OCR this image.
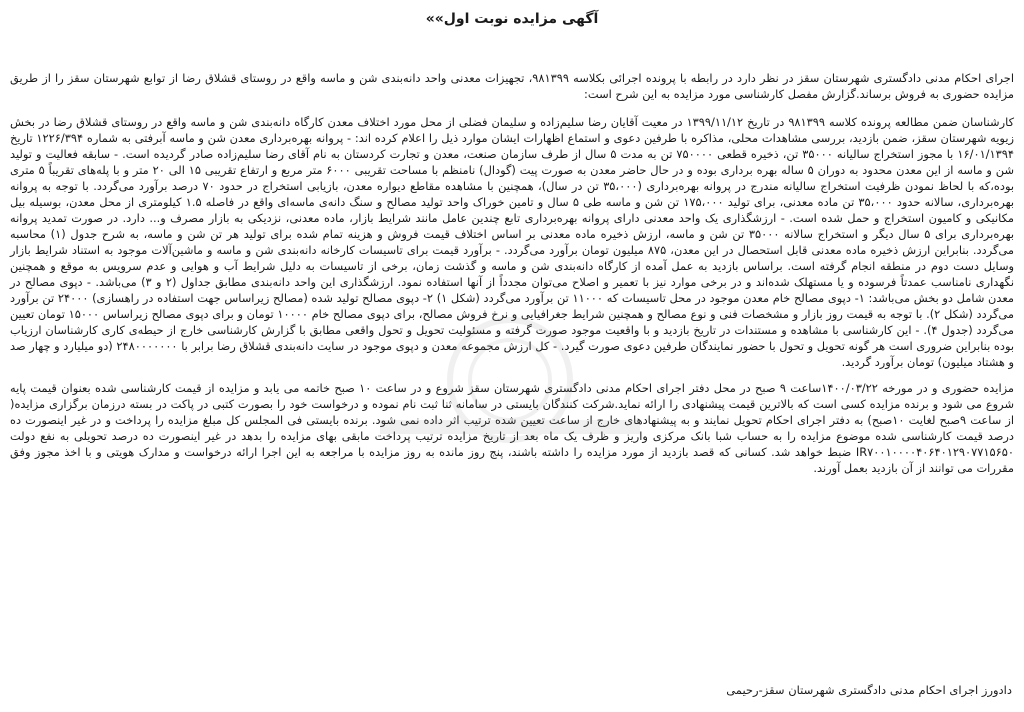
آگهی مزایده نوبت اول»»

اجرای احکام مدنی دادگستری شهرستان سقز در نظر دارد در رابطه با پرونده اجرائی بکلاسه ۹۸۱۳۹۹، تجهیزات معدنی واحد دانه‌بندی شن و ماسه واقع در روستای قشلاق رضا از توابع شهرستان سقز را از طریق مزایده حضوری به فروش برساند.گزارش مفصل کارشناسی مورد مزایده به این شرح است:

کارشناسان ضمن مطالعه پرونده کلاسه ۹۸۱۳۹۹ در تاریخ ۱۳۹۹/۱۱/۱۲ در معیت آقایان رضا سلیم‌زاده و سلیمان فضلی از محل مورد اختلاف معدن کارگاه دانه‌بندی شن و ماسه واقع در روستای قشلاق رضا در بخش زیویه شهرستان سقز، ضمن بازدید، بررسی مشاهدات محلی، مذاکره با طرفین دعوی و استماع اظهارات ایشان موارد ذیل را اعلام کرده اند: - پروانه بهره‌برداری معدن شن و ماسه آبرفتی به شماره ۱۲۲۶/۳۹۴ تاریخ ۱۶/۰۱/۱۳۹۴ با مجوز استخراج سالیانه ۳۵۰۰۰ تن، ذخیره قطعی ۷۵۰۰۰۰ تن به مدت ۵ سال از طرف سازمان صنعت، معدن و تجارت کردستان به نام آقای رضا سلیم‌زاده صادر گردیده است. - سابقه فعالیت و تولید شن و ماسه از این معدن محدود به دوران ۵ ساله بهره برداری بوده و در حال حاضر معدن به صورت پیت (گودال) نامنظم با مساحت تقریبی ۶۰۰۰ متر مربع و ارتفاع تقریبی ۱۵ الی ۲۰ متر و با پله‌های تقریباً ۵ متری بوده،که با لحاظ نمودن ظرفیت استخراج سالیانه مندرج در پروانه بهره‌برداری (۳۵،۰۰۰ تن در سال)، همچنین با مشاهده مقاطع دیواره معدن، بازیابی استخراج در حدود ۷۰ درصد برآورد می‌گردد. با توجه به پروانه بهره‌برداری، سالانه حدود ۳۵،۰۰۰ تن ماده معدنی، برای تولید ۱۷۵،۰۰۰ تن شن و ماسه طی ۵ سال و تامین خوراک واحد تولید مصالح و سنگ دانه‌ی ماسه‌ای واقع در فاصله ۱.۵ کیلومتری از محل معدن، بوسیله بیل مکانیکی و کامیون استخراج و حمل شده است. - ارزشگذاری یک واحد معدنی دارای پروانه بهره‌برداری تابع چندین عامل مانند شرایط بازار، ماده معدنی، نزدیکی به بازار مصرف و... دارد. در صورت تمدید پروانه بهره‌برداری برای ۵ سال دیگر و استخراج سالانه ۳۵۰۰۰ تن شن و ماسه، ارزش ذخیره ماده معدنی بر اساس اختلاف قیمت فروش و هزینه تمام شده برای تولید هر تن شن و ماسه، به شرح جدول (۱) محاسبه می‌گردد. بنابراین ارزش ذخیره ماده معدنی قابل استحصال در این معدن، ۸۷۵ میلیون تومان برآورد می‌گردد. - برآورد قیمت برای تاسیسات کارخانه دانه‌بندی شن و ماسه و ماشین‌آلات موجود به استناد شرایط بازار وسایل دست دوم در منطقه انجام گرفته است. براساس بازدید به عمل آمده از کارگاه دانه‌بندی شن و ماسه و گذشت زمان، برخی از تاسیسات به دلیل شرایط آب و هوایی و عدم سرویس به موقع و همچنین نگهداری نامناسب عمدتاً فرسوده و یا مستهلک شده‌اند و در برخی موارد نیز با تعمیر و اصلاح می‌توان مجدداً از آنها استفاده نمود. ارزشگذاری این واحد دانه‌بندی مطابق جداول (۲ و ۳) می‌باشد. - دپوی مصالح در معدن شامل دو بخش می‌باشد: ۱- دپوی مصالح خام معدن موجود در محل تاسیسات که ۱۱۰۰۰ تن برآورد می‌گردد (شکل ۱) ۲- دپوی مصالح تولید شده (مصالح زیراساس جهت استفاده در راهسازی) ۲۴۰۰۰ تن برآورد می‌گردد (شکل ۲). با توجه به قیمت روز بازار و مشخصات فنی و نوع مصالح و همچنین شرایط جغرافیایی و نرخ فروش مصالح، برای دپوی مصالح خام ۱۰۰۰۰ تومان و برای دپوی مصالح زیراساس ۱۵۰۰۰ تومان تعیین می‌گردد (جدول ۴). - این کارشناسی با مشاهده و مستندات در تاریخ بازدید و با واقعیت موجود صورت گرفته و مسئولیت تحویل و تحول واقعی مطابق با گزارش کارشناسی خارج از حیطه‌ی کاری کارشناسان ارزیاب بوده بنابراین ضروری است هر گونه تحویل و تحول با حضور نمایندگان طرفین دعوی صورت گیرد. - کل ارزش مجموعه معدن و دپوی موجود در سایت دانه‌بندی قشلاق رضا برابر با ۲۴۸۰۰۰۰۰۰۰ (دو میلیارد و چهار صد و هشتاد میلیون) تومان برآورد گردید.

مزایده حضوری و در مورخه ۱۴۰۰/۰۳/۲۲ساعت ۹ صبح در محل دفتر اجرای احکام مدنی دادگستری شهرستان سقز شروع و در ساعت ۱۰ صبح خاتمه می یابد و مزایده از قیمت کارشناسی شده بعنوان قیمت پایه شروع می شود و برنده مزایده کسی است که بالاترین قیمت پیشنهادی را ارائه نماید.شرکت کنندگان بایستی در سامانه ثنا ثبت نام نموده و درخواست خود را بصورت کتبی در پاکت در بسته درزمان برگزاری مزایده( از ساعت ۹صبح لغایت ۱۰صبح) به دفتر اجرای احکام تحویل نمایند و به پیشنهادهای خارج از ساعت تعیین شده ترتیب اثر داده نمی شود. برنده بایستی فی المجلس کل مبلغ مزایده را پرداخت و در غیر اینصورت ده درصد قیمت کارشناسی شده موضوع مزایده را به حساب شبا بانک مرکزی واریز و ظرف یک ماه بعد از تاریخ مزایده ترتیب پرداخت مابقی بهای مزایده را بدهد در غیر اینصورت ده درصد تحویلی به نفع دولت IR۷۰۰۱۰۰۰۰۴۰۶۴۰۱۲۹۰۷۷۱۵۶۵۰ ضبط خواهد شد. کسانی که قصد بازدید از مورد مزایده را داشته باشند، پنج روز مانده به روز مزایده با مراجعه به این اجرا ارائه درخواست و مدارک هویتی و با اخذ مجوز وفق مقررات می توانند از آن بازدید بعمل آورند.

دادورز اجرای احکام مدنی دادگستری شهرستان سقز-رحیمی
